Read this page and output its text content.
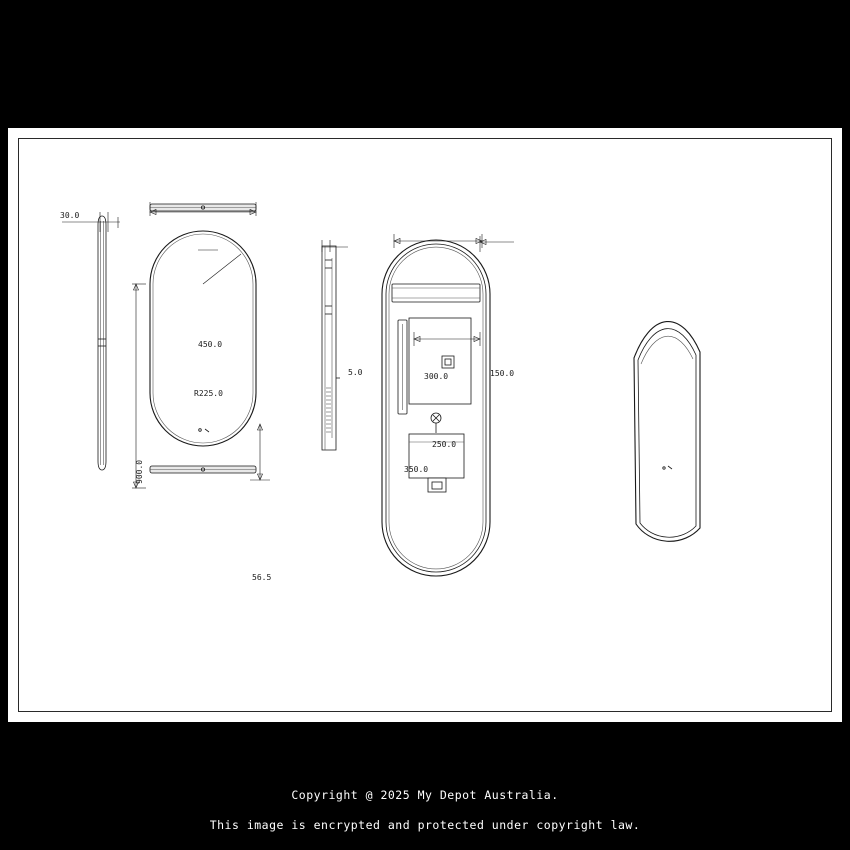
30.0
450.0
900.0
R225.0
56.5
5.0	300.0	150.0
250.0
350.0
Copyright @ 2025 My Depot Australia.
This image is encrypted and protected under copyright law.
